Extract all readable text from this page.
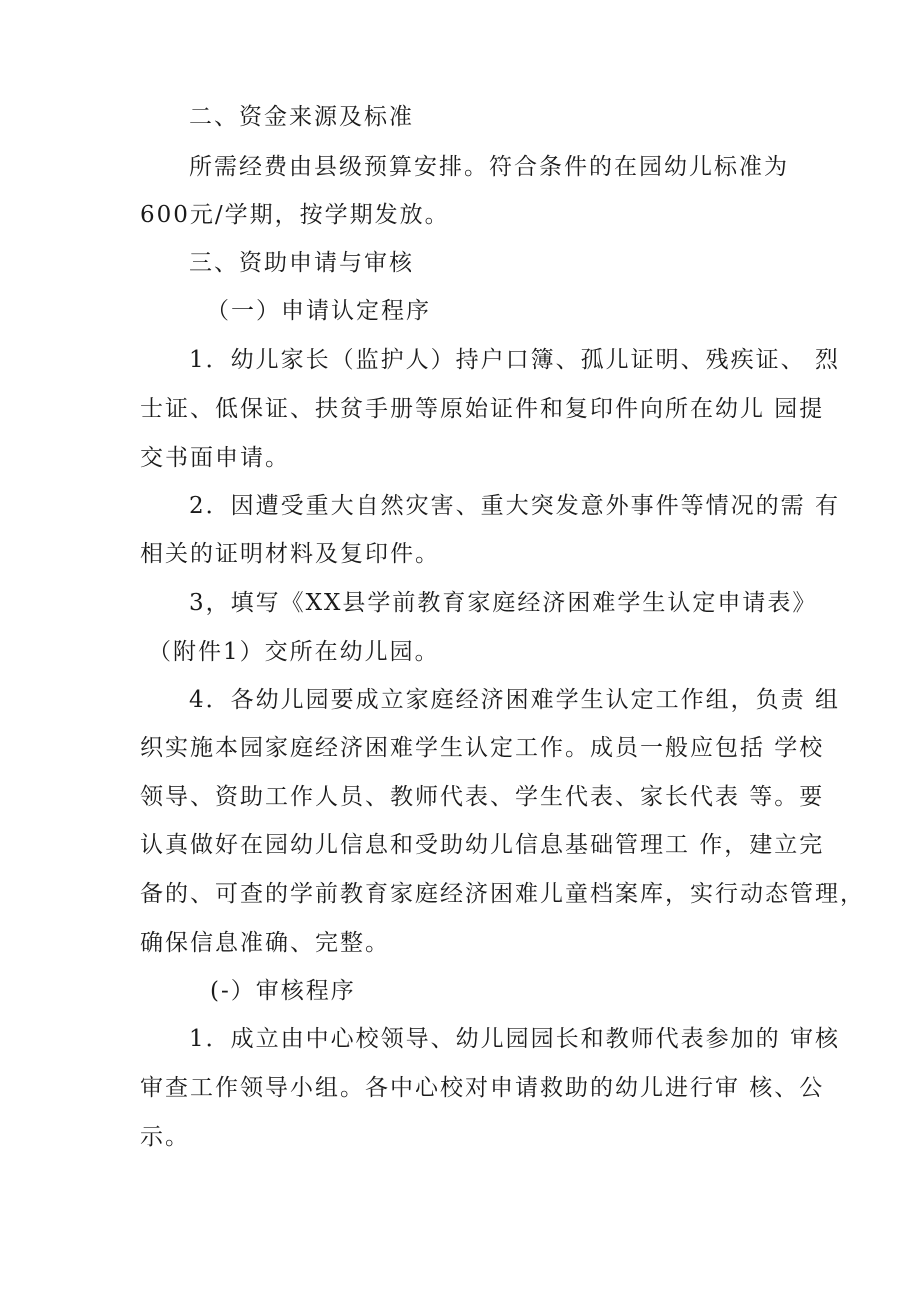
二、资金来源及标准

所需经费由县级预算安排。符合条件的在园幼儿标准为

600元/学期，按学期发放。

三、资助申请与审核

（一）申请认定程序

1．幼儿家长（监护人）持户口簿、孤儿证明、残疾证、 烈

士证、低保证、扶贫手册等原始证件和复印件向所在幼儿 园提

交书面申请。

2．因遭受重大自然灾害、重大突发意外事件等情况的需 有

相关的证明材料及复印件。

3，填写《XX县学前教育家庭经济困难学生认定申请表》

（附件1）交所在幼儿园。

4．各幼儿园要成立家庭经济困难学生认定工作组，负责 组

织实施本园家庭经济困难学生认定工作。成员一般应包括 学校

领导、资助工作人员、教师代表、学生代表、家长代表 等。要

认真做好在园幼儿信息和受助幼儿信息基础管理工 作，建立完

备的、可查的学前教育家庭经济困难儿童档案库，实行动态管理，

确保信息准确、完整。

(-）审核程序

1．成立由中心校领导、幼儿园园长和教师代表参加的 审核

审查工作领导小组。各中心校对申请救助的幼儿进行审 核、公

示。
